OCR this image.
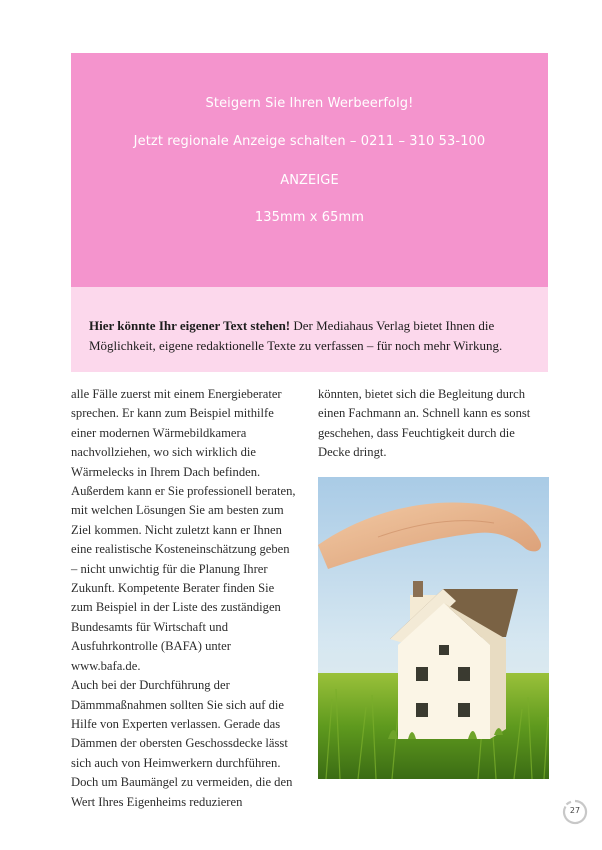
Steigern Sie Ihren Werbeerfolg!
Jetzt regionale Anzeige schalten – 0211 – 310 53-100
ANZEIGE
135mm x 65mm
Hier könnte Ihr eigener Text stehen! Der Mediahaus Verlag bietet Ihnen die Möglichkeit, eigene redaktionelle Texte zu verfassen – für noch mehr Wirkung.

alle Fälle zuerst mit einem Energieberater sprechen. Er kann zum Beispiel mithilfe einer modernen Wärmebildkamera nachvollziehen, wo sich wirklich die Wärmelecks in Ihrem Dach befinden. Außerdem kann er Sie professionell beraten, mit welchen Lösungen Sie am besten zum Ziel kommen. Nicht zuletzt kann er Ihnen eine realistische Kosteneinschätzung geben – nicht unwichtig für die Planung Ihrer Zukunft. Kompetente Berater finden Sie zum Beispiel in der Liste des zuständigen Bundesamts für Wirtschaft und Ausfuhrkontrolle (BAFA) unter www.bafa.de.

Auch bei der Durchführung der Dämmmaßnahmen sollten Sie sich auf die Hilfe von Experten verlassen. Gerade das Dämmen der obersten Geschossdecke lässt sich auch von Heimwerkern durchführen. Doch um Baumängel zu vermeiden, die den Wert Ihres Eigenheims reduzieren

könnten, bietet sich die Begleitung durch einen Fachmann an. Schnell kann es sonst geschehen, dass Feuchtigkeit durch die Decke dringt.

27
